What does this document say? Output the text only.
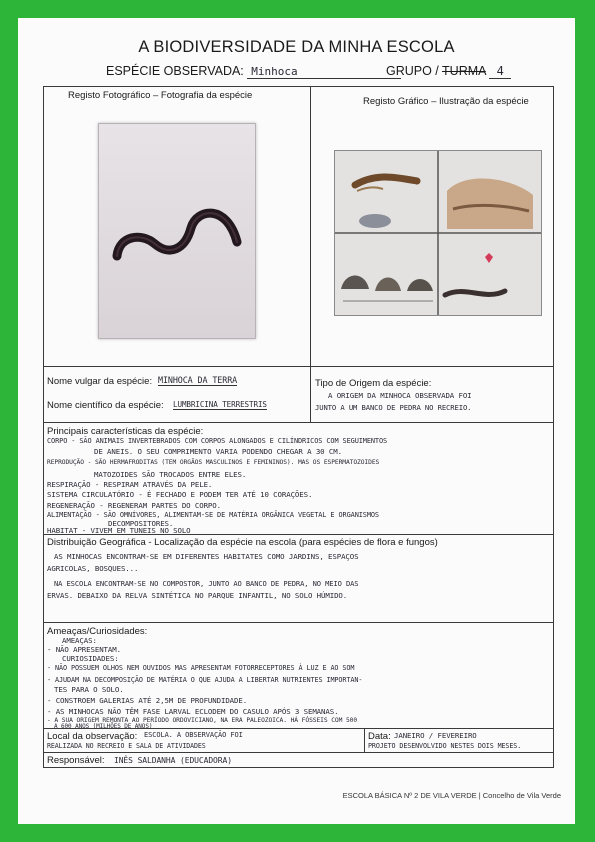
A BIODIVERSIDADE DA MINHA ESCOLA
ESPÉCIE OBSERVADA: Minhoca	GRUPO / TURMA 4
Registo Fotográfico – Fotografia da espécie
Registo Gráfico – Ilustração da espécie
Nome vulgar da espécie: MINHOCA DA TERRA
Nome científico da espécie: LUMBRICINA TERRESTRIS
Tipo de Origem da espécie:
A ORIGEM DA MINHOCA OBSERVADA FOI
JUNTO A UM BANCO DE PEDRA NO RECREIO.
Principais características da espécie:
CORPO - SÃO ANIMAIS INVERTEBRADOS COM CORPOS ALONGADOS E CILÍNDRICOS COM SEGUIMENTOS
DE ANEIS. O SEU COMPRIMENTO VARIA PODENDO CHEGAR A 30 CM.
REPRODUÇÃO - SÃO HERMAFRODITAS (TEM ORGÃOS MASCULINOS E FEMININOS). MAS OS ESPERMATOZOIDES
MATOZOIDES SÃO TROCADOS ENTRE ELES.
RESPIRAÇÃO - RESPIRAM ATRAVÉS DA PELE.
SISTEMA CIRCULATÓRIO - É FECHADO E PODEM TER ATÉ 10 CORAÇÕES.
REGENERAÇÃO - REGENERAM PARTES DO CORPO.
ALIMENTAÇÃO - SÃO OMNÍVORES, ALIMENTAM-SE DE MATÉRIA ORGÂNICA VEGETAL E ORGANISMOS
DECOMPOSITORES.
HABITAT - VIVEM EM TUNEIS NO SOLO
Distribuição Geográfica - Localização da espécie na escola (para espécies de flora e fungos)
AS MINHOCAS ENCONTRAM-SE EM DIFERENTES HABITATES COMO JARDINS, ESPAÇOS
AGRICOLAS, BOSQUES...
NA ESCOLA ENCONTRAM-SE NO COMPOSTOR, JUNTO AO BANCO DE PEDRA, NO MEIO DAS
ERVAS. DEBAIXO DA RELVA SINTÉTICA NO PARQUE INFANTIL, NO SOLO HÚMIDO.
Ameaças/Curiosidades:
AMEAÇAS:
- NÃO APRESENTAM.
CURIOSIDADES:
- NÃO POSSUEM OLHOS NEM OUVIDOS MAS APRESENTAM FOTORRECEPTORES À LUZ E AO SOM
- AJUDAM NA DECOMPOSIÇÃO DE MATÉRIA O QUE AJUDA A LIBERTAR NUTRIENTES IMPORTAN-
TES PARA O SOLO.
- CONSTROEM GALERIAS ATÉ 2,5M DE PROFUNDIDADE.
- AS MINHOCAS NÃO TÊM FASE LARVAL ECLODEM DO CASULO APÓS 3 SEMANAS.
- A SUA ORIGEM REMONTA AO PERÍODO ORDOVICIANO, NA ERA PALEOZOICA. HÁ FÓSSEIS COM 500
A 600 ANOS (MILHÕES DE ANOS)
Local da observação: ESCOLA. A OBSERVAÇÃO FOI
REALIZADA NO RECREIO E SALA DE ATIVIDADES
Data: JANEIRO / FEVEREIRO
PROJETO DESENVOLVIDO NESTES DOIS MESES.
Responsável: INÊS SALDANHA (EDUCADORA)
ESCOLA BÁSICA Nº 2 DE VILA VERDE | Concelho de Vila Verde
